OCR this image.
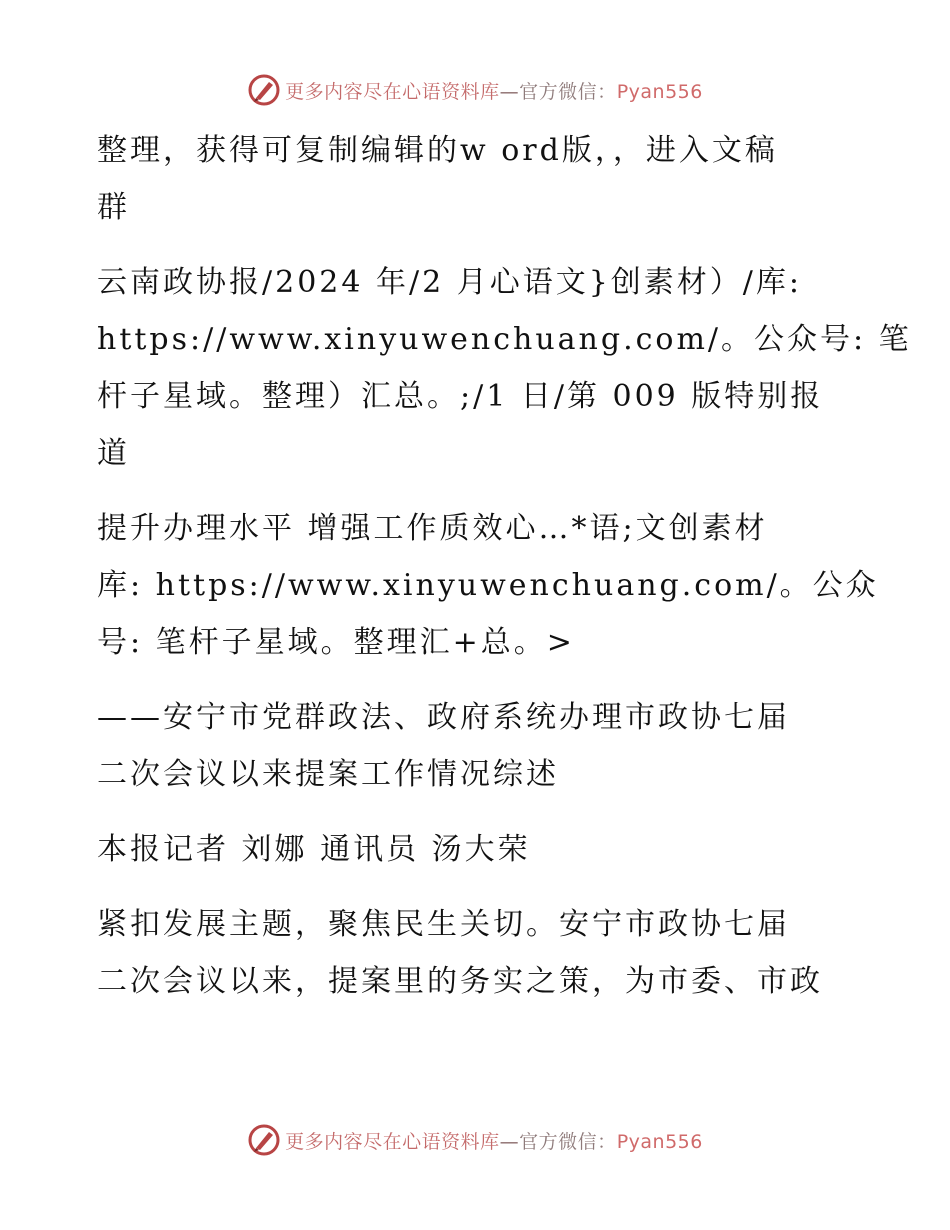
更多内容尽在心语资料库—官方微信：Pyan556

整理，获得可复制编辑的w ord版，，进入文稿
群

云南政协报/2024 年/2 月心语文}创素材）/库:
https://www.xinyuwenchuang.com/。公众号: 笔
杆子星域。整理）汇总。;/1 日/第 009 版特别报
道

提升办理水平 增强工作质效心…*语;文创素材
库: https://www.xinyuwenchuang.com/。公众
号: 笔杆子星域。整理汇+总。>

——安宁市党群政法、政府系统办理市政协七届
二次会议以来提案工作情况综述

本报记者 刘娜 通讯员 汤大荣

紧扣发展主题，聚焦民生关切。安宁市政协七届
二次会议以来，提案里的务实之策，为市委、市政

更多内容尽在心语资料库—官方微信：Pyan556
